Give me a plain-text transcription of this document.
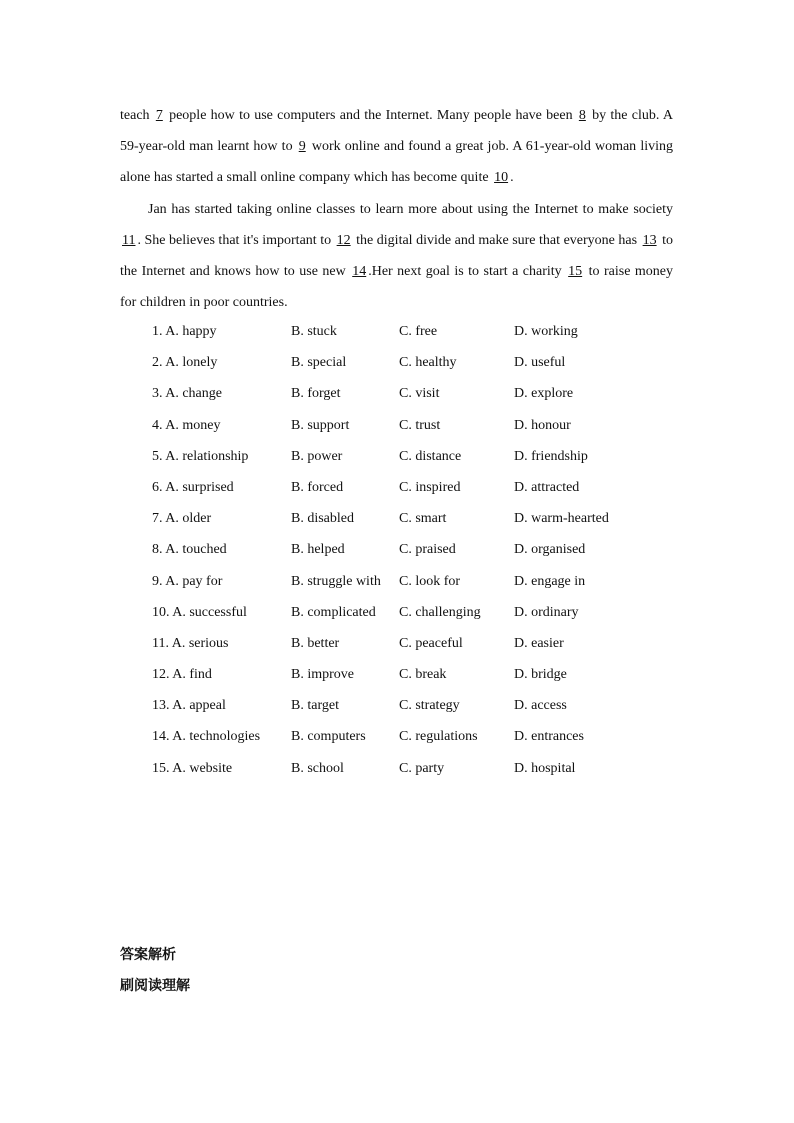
teach 7 people how to use computers and the Internet. Many people have been 8 by the club. A 59-year-old man learnt how to 9 work online and found a great job. A 61-year-old woman living alone has started a small online company which has become quite 10 .

Jan has started taking online classes to learn more about using the Internet to make society 11 . She believes that it's important to 12 the digital divide and make sure that everyone has 13 to the Internet and knows how to use new 14 .Her next goal is to start a charity 15 to raise money for children in poor countries.

1. A. happy	B. stuck	C. free	D. working
2. A. lonely	B. special	C. healthy	D. useful
3. A. change	B. forget	C. visit	D. explore
4. A. money	B. support	C. trust	D. honour
5. A. relationship	B. power	C. distance	D. friendship
6. A. surprised	B. forced	C. inspired	D. attracted
7. A. older	B. disabled	C. smart	D. warm-hearted
8. A. touched	B. helped	C. praised	D. organised
9. A. pay for	B. struggle with C. look for	D. engage in
10. A. successful	B. complicated C. challenging D. ordinary
11. A. serious	B. better	C. peaceful	D. easier
12. A. find	B. improve	C. break	D. bridge
13. A. appeal	B. target	C. strategy	D. access
14. A. technologies B. computers C. regulations	D. entrances
15. A. website	B. school	C. party	D. hospital
答案解析
刷阅读理解
